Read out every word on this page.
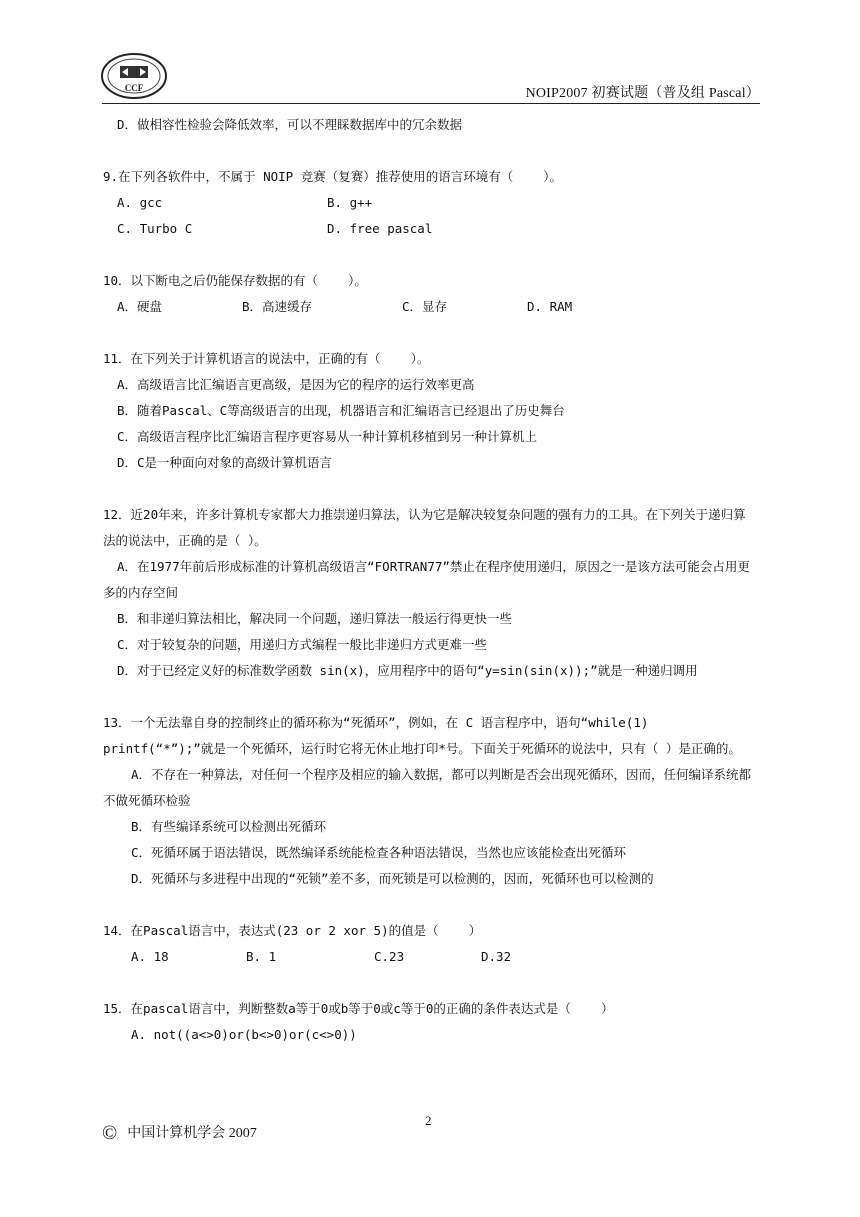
CCF	NOIP2007 初赛试题（普及组 Pascal）
D．做相容性检验会降低效率，可以不理睬数据库中的冗余数据
9.在下列各软件中，不属于 NOIP 竞赛（复赛）推荐使用的语言环境有（    ）。
A. gcc	B. g++
C. Turbo C	D. free pascal
10．以下断电之后仍能保存数据的有（    ）。
A．硬盘	B．高速缓存	C．显存	D. RAM
11．在下列关于计算机语言的说法中，正确的有（    ）。
A．高级语言比汇编语言更高级，是因为它的程序的运行效率更高
B．随着Pascal、C等高级语言的出现，机器语言和汇编语言已经退出了历史舞台
C．高级语言程序比汇编语言程序更容易从一种计算机移植到另一种计算机上
D．C是一种面向对象的高级计算机语言
12．近20年来，许多计算机专家都大力推崇递归算法，认为它是解决较复杂问题的强有力的工具。在下列关于递归算法的说法中，正确的是（ ）。
A．在1977年前后形成标准的计算机高级语言“FORTRAN77”禁止在程序使用递归，原因之一是该方法可能会占用更多的内存空间
B．和非递归算法相比，解决同一个问题，递归算法一般运行得更快一些
C．对于较复杂的问题，用递归方式编程一般比非递归方式更难一些
D．对于已经定义好的标准数学函数 sin(x)，应用程序中的语句“y=sin(sin(x));”就是一种递归调用
13．一个无法靠自身的控制终止的循环称为“死循环”，例如，在 C 语言程序中，语句“while(1) printf(“*”);”就是一个死循环，运行时它将无休止地打印*号。下面关于死循环的说法中，只有（ ）是正确的。
A．不存在一种算法，对任何一个程序及相应的输入数据，都可以判断是否会出现死循环，因而，任何编译系统都不做死循环检验
B．有些编译系统可以检测出死循环
C．死循环属于语法错误，既然编译系统能检查各种语法错误，当然也应该能检查出死循环
D．死循环与多进程中出现的“死锁”差不多，而死锁是可以检测的，因而，死循环也可以检测的
14．在Pascal语言中，表达式(23 or 2 xor 5)的值是（    ）
A. 18	B. 1	C.23	D.32
15．在pascal语言中，判断整数a等于0或b等于0或c等于0的正确的条件表达式是（    ）
A. not((a<>0)or(b<>0)or(c<>0))
2
© 中国计算机学会 2007
